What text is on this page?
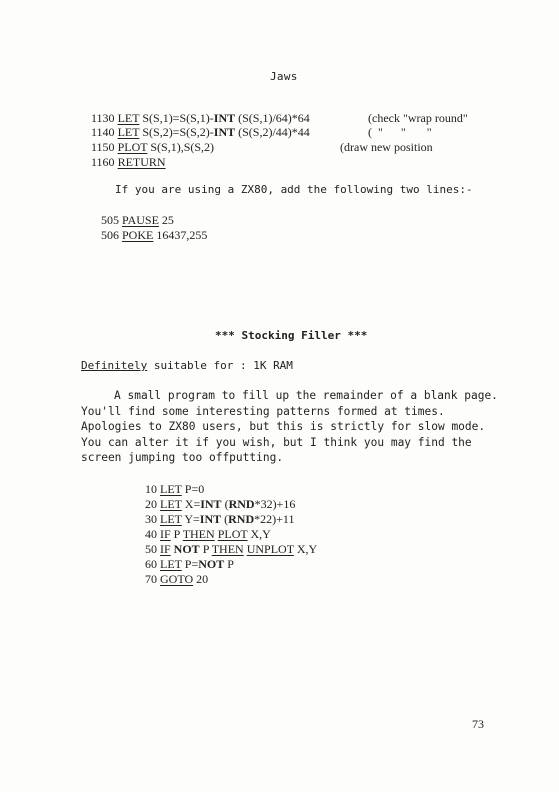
Jaws
1130 LET S(S,1)=S(S,1)-INT (S(S,1)/64)*64	(check "wrap round"
1140 LET S(S,2)=S(S,2)-INT (S(S,2)/44)*44	(  "      "       "
1150 PLOT S(S,1),S(S,2)	(draw new position
1160 RETURN
If you are using a ZX80, add the following two lines:-
505 PAUSE 25
506 POKE 16437,255
*** Stocking Filler ***
Definitely suitable for : 1K RAM
A small program to fill up the remainder of a blank page. You'll find some interesting patterns formed at times. Apologies to ZX80 users, but this is strictly for slow mode. You can alter it if you wish, but I think you may find the screen jumping too offputting.
10 LET P=0
20 LET X=INT (RND*32)+16
30 LET Y=INT (RND*22)+11
40 IF P THEN PLOT X,Y
50 IF NOT P THEN UNPLOT X,Y
60 LET P=NOT P
70 GOTO 20
73
